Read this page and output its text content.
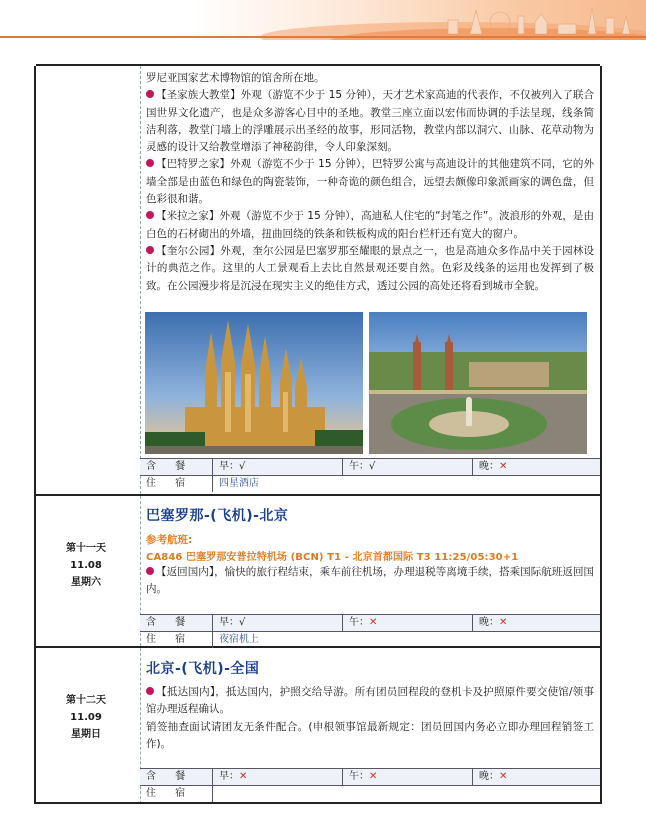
罗尼亚国家艺术博物馆的馆舍所在地。

【圣家族大教堂】外观（游览不少于 15 分钟），天才艺术家高迪的代表作，不仅被列入了联合国世界文化遗产，也是众多游客心目中的圣地。教堂三座立面以宏伟而协调的手法呈现，线条简洁利落，教堂门墙上的浮雕展示出圣经的故事，形同活物，教堂内部以洞穴、山脉、花草动物为灵感的设计又给教堂增添了神秘韵律，令人印象深刻。

【巴特罗之家】外观（游览不少于 15 分钟），巴特罗公寓与高迪设计的其他建筑不同，它的外墙全部是由蓝色和绿色的陶瓷装饰，一种奇诡的颜色组合，远望去颇像印象派画家的调色盘，但色彩很和谐。

【米拉之家】外观（游览不少于 15 分钟），高迪私人住宅的“封笔之作”。波浪形的外观，是由白色的石材砌出的外墙，扭曲回绕的铁条和铁板构成的阳台栏杆还有宽大的窗户。

【奎尔公园】外观，奎尔公园是巴塞罗那至耀眼的景点之一，也是高迪众多作品中关于园林设计的典范之作。这里的人工景观看上去比自然景观还要自然。色彩及线条的运用也发挥到了极致。在公园漫步将是沉浸在现实主义的绝佳方式，透过公园的高处还将看到城市全貌。

含 餐	早：√	午：√	晚：✕
住 宿	四星酒店
第十一天
11.08
星期六
巴塞罗那-(飞机)-北京
参考航班:
CA846 巴塞罗那安普拉特机场 (BCN) T1 - 北京首都国际 T3 11:25/05:30+1

【返回国内】，愉快的旅行程结束，乘车前往机场，办理退税等离境手续，搭乘国际航班返回国内。

含 餐	早：√	午：✕	晚：✕
住 宿	夜宿机上
第十二天
11.09
星期日
北京-(飞机)-全国

【抵达国内】，抵达国内，护照交给导游。所有团员回程段的登机卡及护照原件要交使馆/领事馆办理返程确认。

销签抽查面试请团友无条件配合。(申根领事馆最新规定：团员回国内务必立即办理回程销签工作)。

含 餐	早：✕	午：✕	晚：✕
住 宿
